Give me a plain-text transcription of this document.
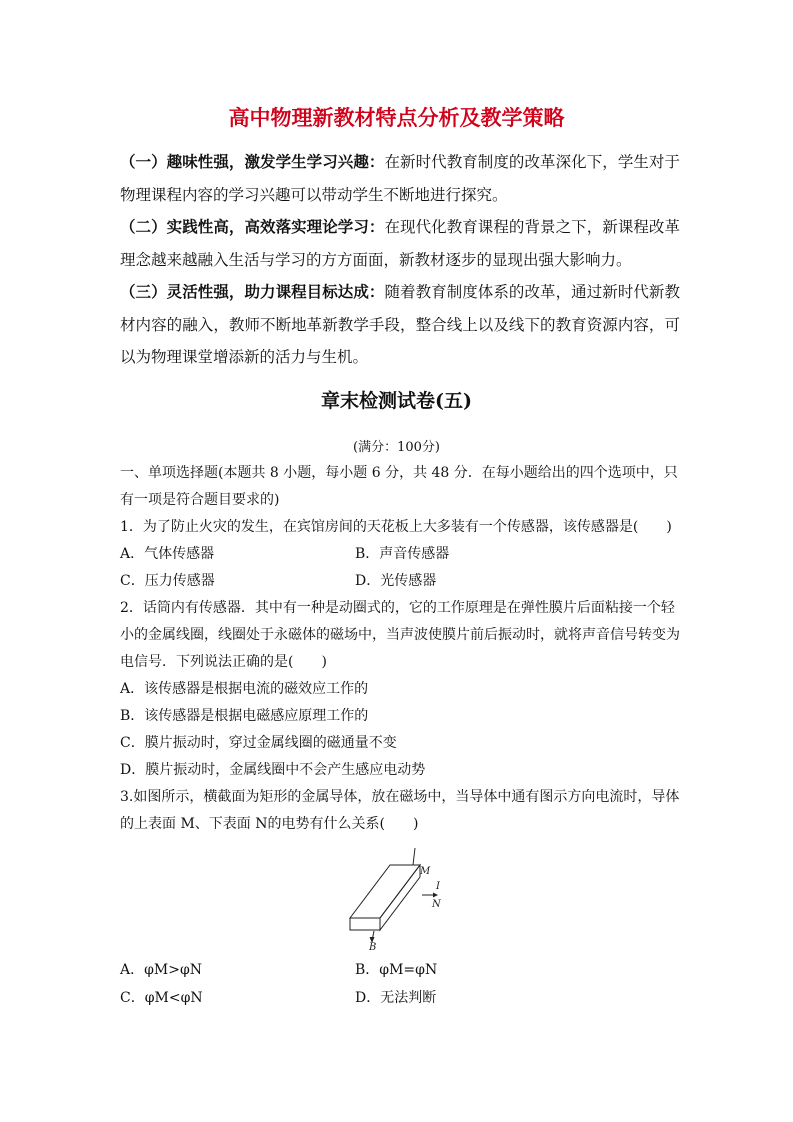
高中物理新教材特点分析及教学策略

（一）趣味性强，激发学生学习兴趣：在新时代教育制度的改革深化下，学生对于物理课程内容的学习兴趣可以带动学生不断地进行探究。

（二）实践性高，高效落实理论学习：在现代化教育课程的背景之下，新课程改革理念越来越融入生活与学习的方方面面，新教材逐步的显现出强大影响力。

（三）灵活性强，助力课程目标达成：随着教育制度体系的改革，通过新时代新教材内容的融入，教师不断地革新教学手段，整合线上以及线下的教育资源内容，可以为物理课堂增添新的活力与生机。

章末检测试卷(五)
(满分：100分)

一、单项选择题(本题共 8 小题，每小题 6 分，共 48 分．在每小题给出的四个选项中，只有一项是符合题目要求的)

1．为了防止火灾的发生，在宾馆房间的天花板上大多装有一个传感器，该传感器是(　　)

A．气体传感器	B．声音传感器
C．压力传感器	D．光传感器

2．话筒内有传感器．其中有一种是动圈式的，它的工作原理是在弹性膜片后面粘接一个轻小的金属线圈，线圈处于永磁体的磁场中，当声波使膜片前后振动时，就将声音信号转变为电信号．下列说法正确的是(　　)

A．该传感器是根据电流的磁效应工作的

B．该传感器是根据电磁感应原理工作的

C．膜片振动时，穿过金属线圈的磁通量不变

D．膜片振动时，金属线圈中不会产生感应电动势

3.如图所示，横截面为矩形的金属导体，放在磁场中，当导体中通有图示方向电流时，导体的上表面 M、下表面 N的电势有什么关系(　　)

M
I
N
B
A．φM>φN	B．φM=φN
C．φM<φN	D．无法判断
